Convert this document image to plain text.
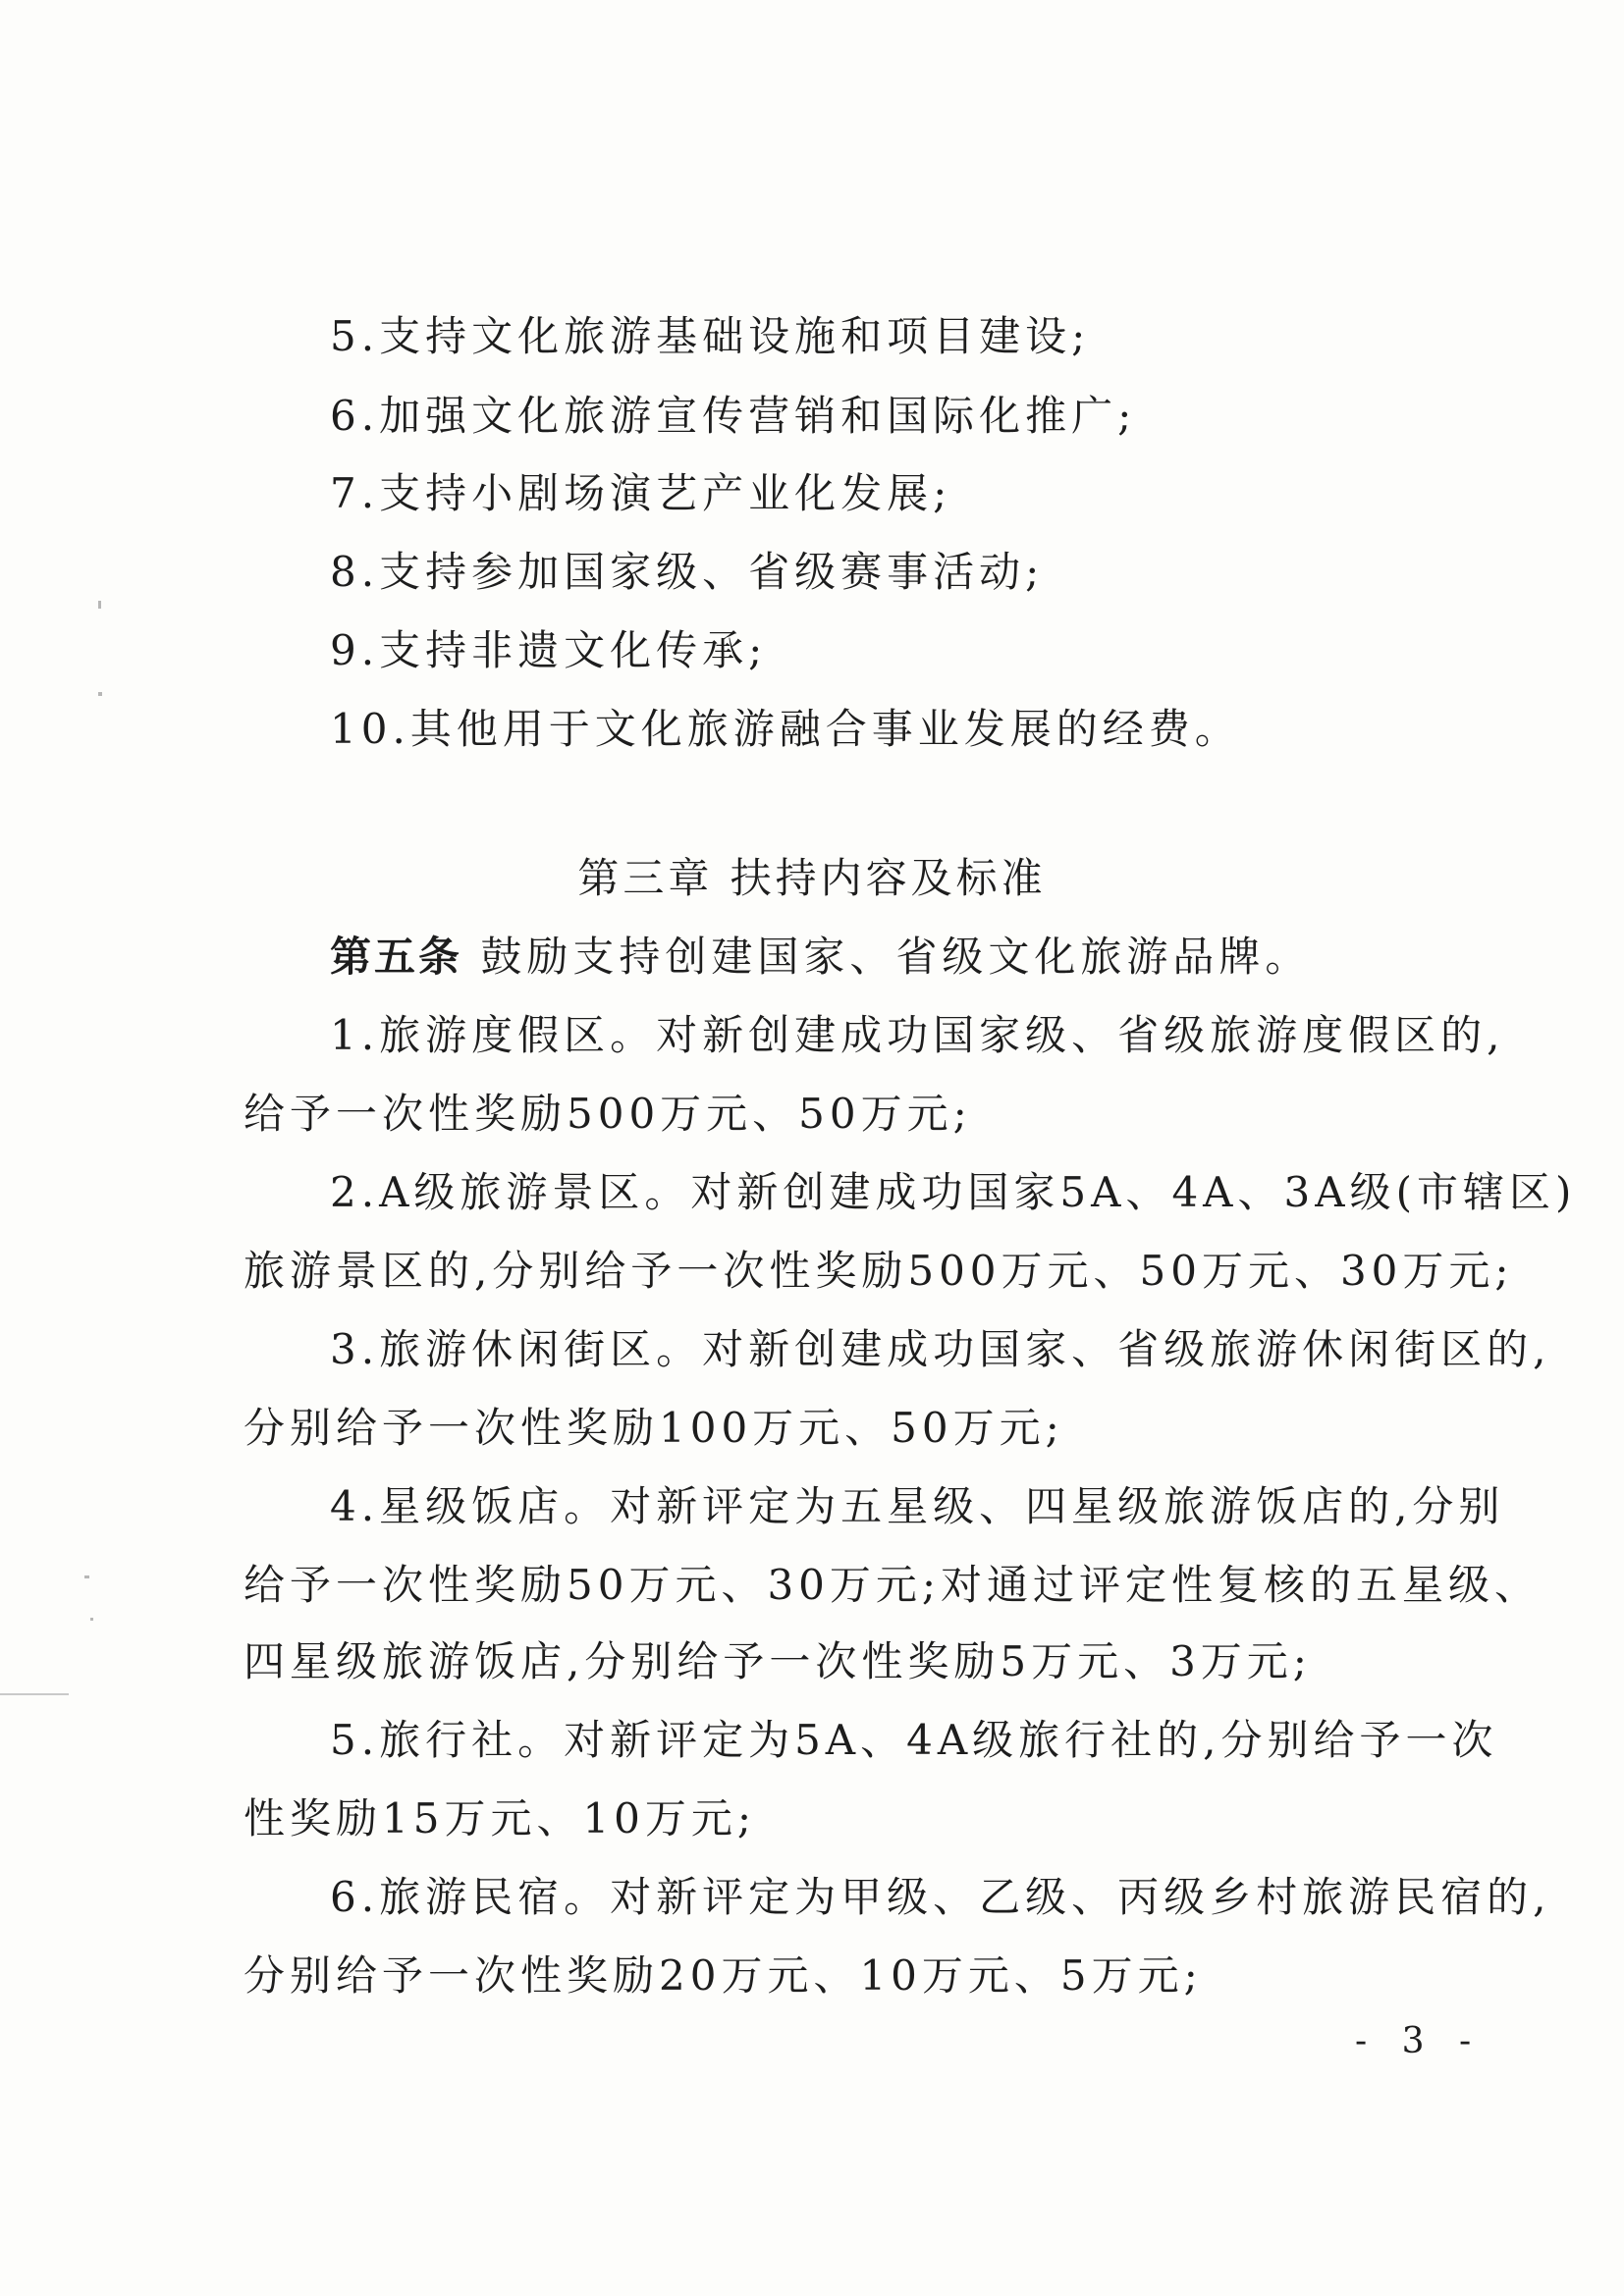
5.支持文化旅游基础设施和项目建设;
6.加强文化旅游宣传营销和国际化推广;
7.支持小剧场演艺产业化发展;
8.支持参加国家级、省级赛事活动;
9.支持非遗文化传承;
10.其他用于文化旅游融合事业发展的经费。
第三章 扶持内容及标准
第五条 鼓励支持创建国家、省级文化旅游品牌。
1.旅游度假区。对新创建成功国家级、省级旅游度假区的,
给予一次性奖励500万元、50万元;
2.A级旅游景区。对新创建成功国家5A、4A、3A级(市辖区)
旅游景区的,分别给予一次性奖励500万元、50万元、30万元;
3.旅游休闲街区。对新创建成功国家、省级旅游休闲街区的,
分别给予一次性奖励100万元、50万元;
4.星级饭店。对新评定为五星级、四星级旅游饭店的,分别
给予一次性奖励50万元、30万元;对通过评定性复核的五星级、
四星级旅游饭店,分别给予一次性奖励5万元、3万元;
5.旅行社。对新评定为5A、4A级旅行社的,分别给予一次
性奖励15万元、10万元;
6.旅游民宿。对新评定为甲级、乙级、丙级乡村旅游民宿的,
分别给予一次性奖励20万元、10万元、5万元;
- 3 -
